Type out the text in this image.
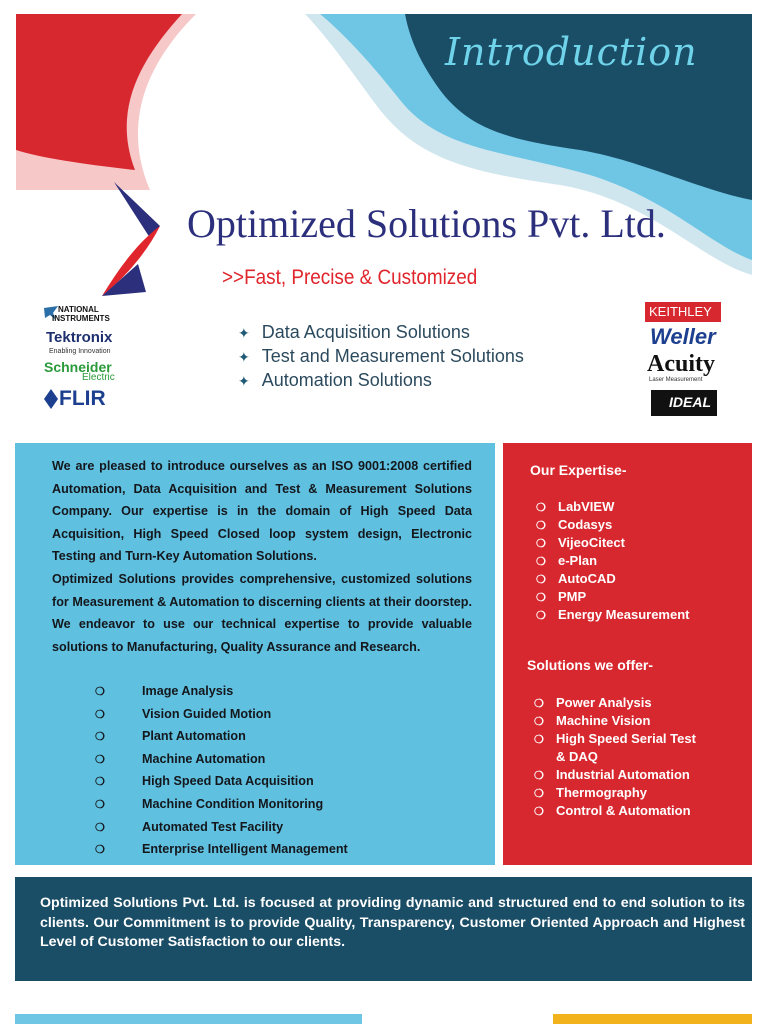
Introduction
Optimized Solutions Pvt. Ltd.
>>Fast, Precise & Customized
NATIONAL
INSTRUMENTS
Tektronix
Enabling Innovation
Schneider
Electric
FLIR
✦ Data Acquisition Solutions
✦ Test and Measurement Solutions
✦ Automation Solutions
KEITHLEY
Weller
Acuity
Laser Measurement
IDEAL
We are pleased to introduce ourselves as an ISO 9001:2008 certified Automation, Data Acquisition and Test & Measurement Solutions Company. Our expertise is in the domain of High Speed Data Acquisition, High Speed Closed loop system design, Electronic Testing and Turn-Key Automation Solutions.
Optimized Solutions provides comprehensive, customized solutions for Measurement & Automation to discerning clients at their doorstep. We endeavor to use our technical expertise to provide valuable solutions to Manufacturing, Quality Assurance and Research.
❍	Image Analysis
❍	Vision Guided Motion
❍	Plant Automation
❍	Machine Automation
❍	High Speed Data Acquisition
❍	Machine Condition Monitoring
❍	Automated Test Facility
❍	Enterprise Intelligent Management
Our Expertise-
❍ LabVIEW
❍ Codasys
❍ VijeoCitect
❍ e-Plan
❍ AutoCAD
❍ PMP
❍ Energy Measurement
Solutions we offer-
❍ Power Analysis
❍ Machine Vision
❍ High Speed Serial Test
& DAQ
❍ Industrial Automation
❍ Thermography
❍ Control & Automation

Optimized Solutions Pvt. Ltd. is focused at providing dynamic and structured end to end solution to its clients. Our Commitment is to provide Quality, Transparency, Customer Oriented Approach and Highest Level of Customer Satisfaction to our clients.
